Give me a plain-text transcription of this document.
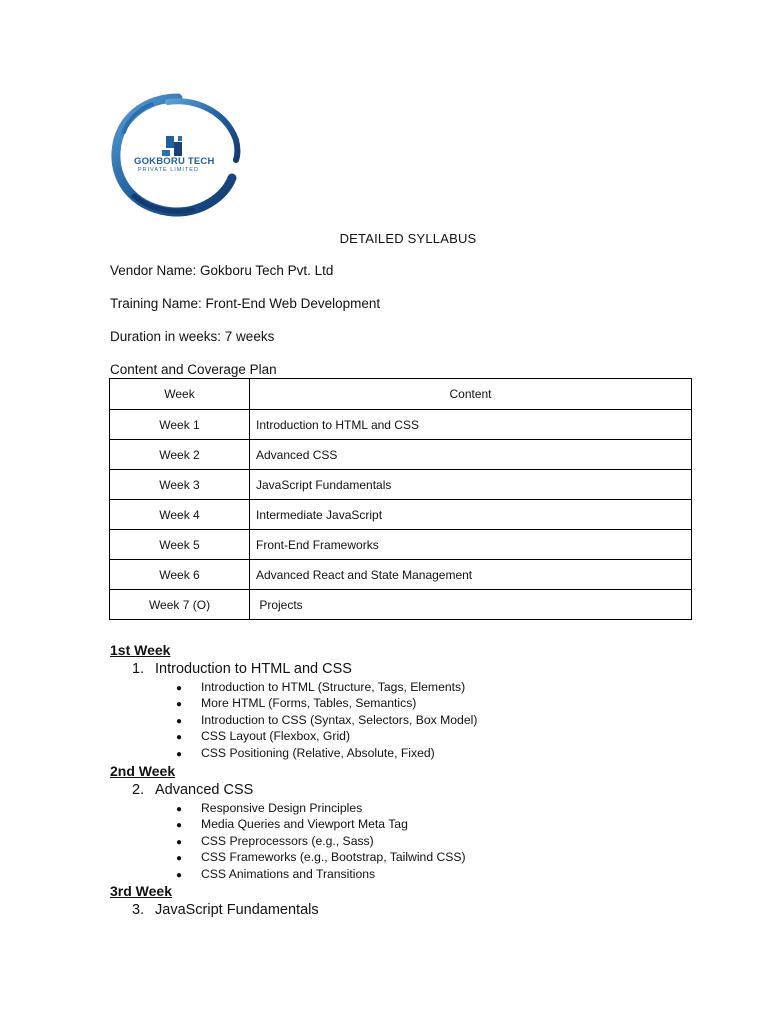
GOKBORU TECH
PRIVATE LIMITED
DETAILED SYLLABUS
Vendor Name: Gokboru Tech Pvt. Ltd
Training Name: Front-End Web Development
Duration in weeks: 7 weeks
Content and Coverage Plan
Week	Content
Week 1	Introduction to HTML and CSS
Week 2	Advanced CSS
Week 3	JavaScript Fundamentals
Week 4	Intermediate JavaScript
Week 5	Front-End Frameworks
Week 6	Advanced React and State Management
Week 7 (O)	Projects
1st Week
1. Introduction to HTML and CSS
● Introduction to HTML (Structure, Tags, Elements)
● More HTML (Forms, Tables, Semantics)
● Introduction to CSS (Syntax, Selectors, Box Model)
● CSS Layout (Flexbox, Grid)
● CSS Positioning (Relative, Absolute, Fixed)
2nd Week
2. Advanced CSS
● Responsive Design Principles
● Media Queries and Viewport Meta Tag
● CSS Preprocessors (e.g., Sass)
● CSS Frameworks (e.g., Bootstrap, Tailwind CSS)
● CSS Animations and Transitions
3rd Week
3. JavaScript Fundamentals
